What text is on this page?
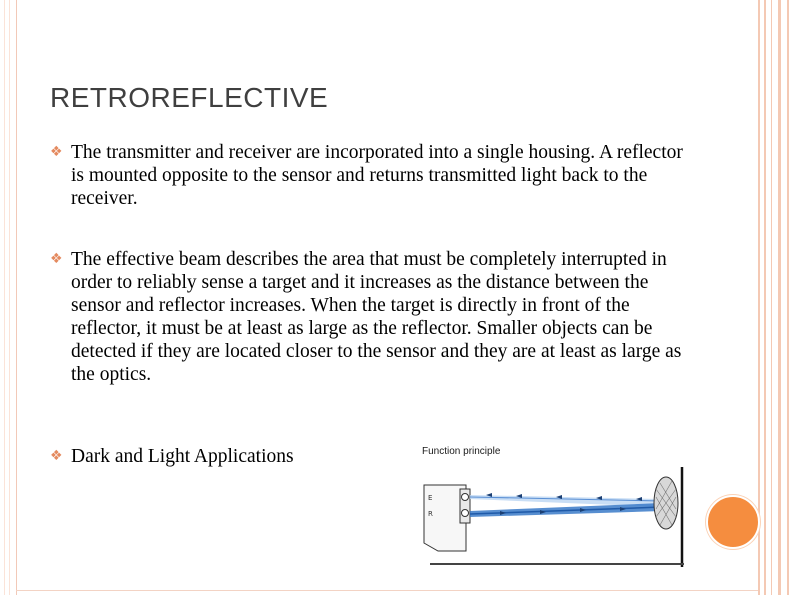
RETROREFLECTIVE
❖ The transmitter and receiver are incorporated into a single housing. A reflector is mounted opposite to the sensor and returns transmitted light back to the receiver.
❖ The effective beam describes the area that must be completely interrupted in order to reliably sense a target and it increases as the distance between the sensor and reflector increases. When the target is directly in front of the reflector, it must be at least as large as the reflector. Smaller objects can be detected if they are located closer to the sensor and they are at least as large as the optics.
❖ Dark and Light Applications	Function principle
E
R
